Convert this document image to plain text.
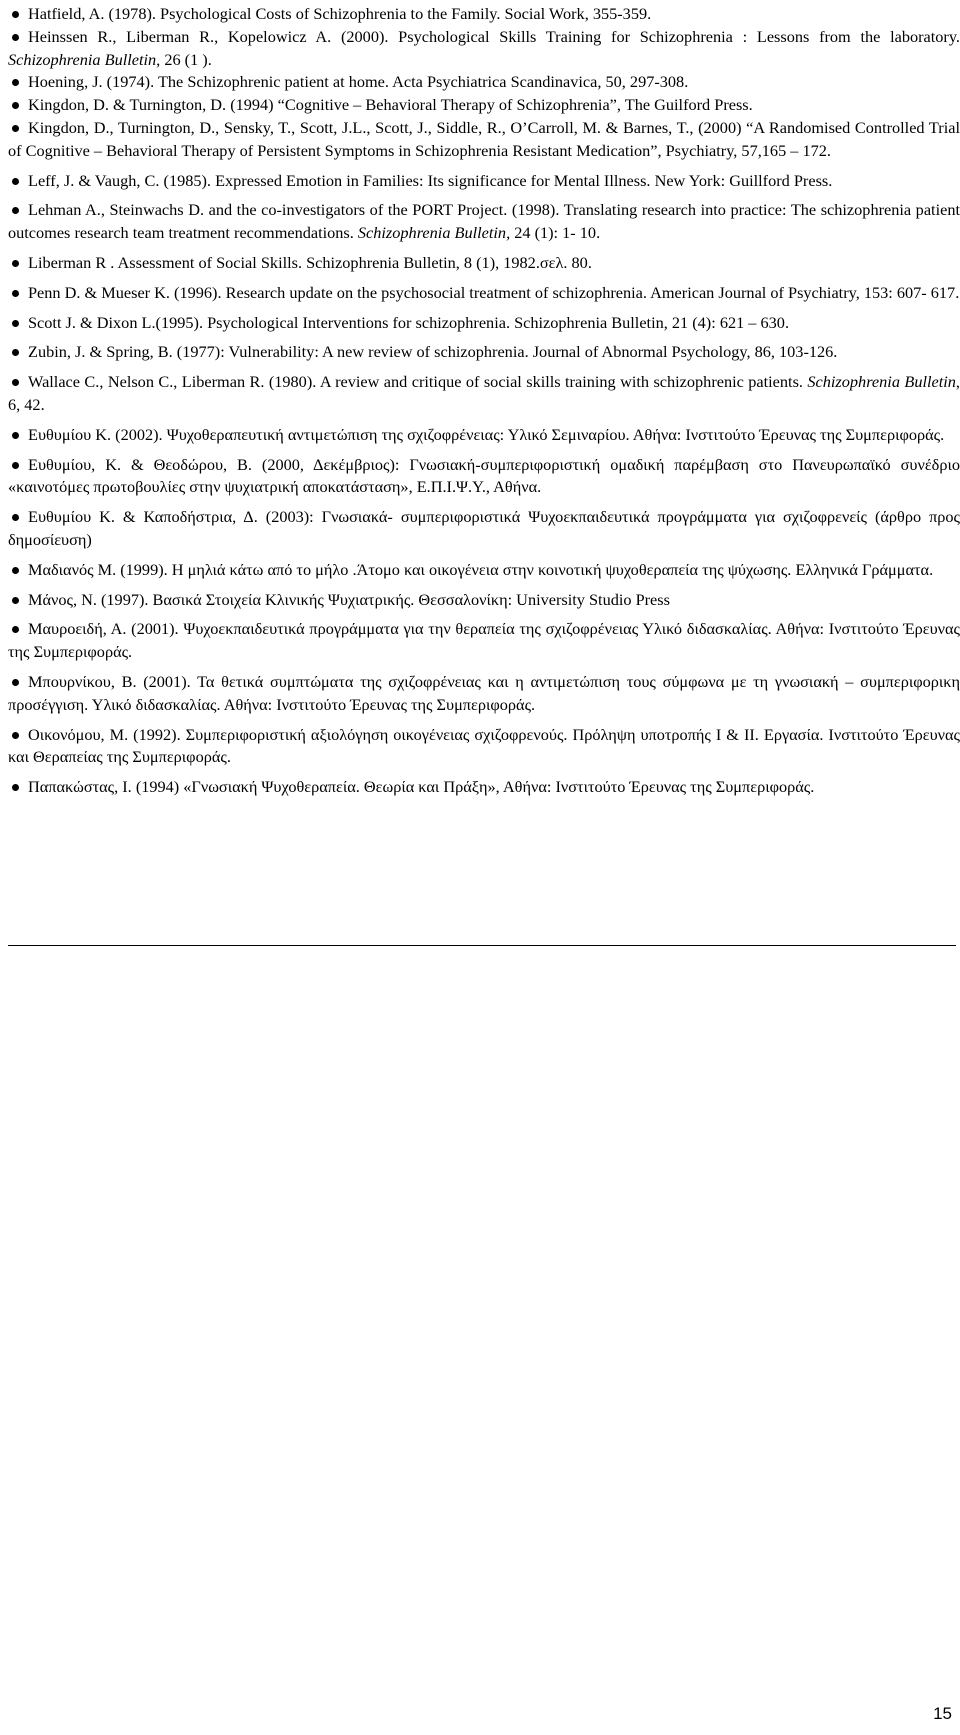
Hatfield, A. (1978). Psychological Costs of Schizophrenia to the Family. Social Work, 355-359.
Heinssen R., Liberman R., Kopelowicz A. (2000). Psychological Skills Training for Schizophrenia : Lessons from the laboratory. Schizophrenia Bulletin, 26 (1 ).
Hoening, J. (1974). The Schizophrenic patient at home. Acta Psychiatrica Scandinavica, 50, 297-308.
Kingdon, D. & Turnington, D. (1994) “Cognitive – Behavioral Therapy of Schizophrenia”, The Guilford Press.
Kingdon, D., Turnington, D., Sensky, T., Scott, J.L., Scott, J., Siddle, R., O’Carroll, M. & Barnes, T., (2000) “A Randomised Controlled Trial of Cognitive – Behavioral Therapy of Persistent Symptoms in Schizophrenia Resistant Medication”, Psychiatry, 57,165 – 172.
Leff, J. & Vaugh, C. (1985). Expressed Emotion in Families: Its significance for Mental Illness. New York: Guillford Press.
Lehman A., Steinwachs D. and the co-investigators of the PORT Project. (1998). Translating research into practice: The schizophrenia patient outcomes research team treatment recommendations. Schizophrenia Bulletin, 24 (1): 1- 10.
Liberman R . Assessment of Social Skills. Schizophrenia Bulletin, 8 (1), 1982.σελ. 80.
Penn D. & Mueser K. (1996). Research update on the psychosocial treatment of schizophrenia. American Journal of Psychiatry, 153: 607- 617.
Scott J. & Dixon L.(1995). Psychological Interventions for schizophrenia. Schizophrenia Bulletin, 21 (4): 621 – 630.
Zubin, J. & Spring, B. (1977): Vulnerability: A new review of schizophrenia. Journal of Abnormal Psychology, 86, 103-126.
Wallace C., Nelson C., Liberman R. (1980). A review and critique of social skills training with schizophrenic patients. Schizophrenia Bulletin, 6, 42.
Ευθυμίου Κ. (2002). Ψυχοθεραπευτική αντιμετώπιση της σχιζοφρένειας: Υλικό Σεμιναρίου. Αθήνα: Ινστιτούτο Έρευνας της Συμπεριφοράς.
Ευθυμίου, Κ. & Θεοδώρου, Β. (2000, Δεκέμβριος): Γνωσιακή-συμπεριφοριστική ομαδική παρέμβαση στο Πανευρωπαϊκό συνέδριο «καινοτόμες πρωτοβουλίες στην ψυχιατρική αποκατάσταση», Ε.Π.Ι.Ψ.Υ., Αθήνα.
Ευθυμίου Κ. & Καποδήστρια, Δ. (2003): Γνωσιακά- συμπεριφοριστικά Ψυχοεκπαιδευτικά προγράμματα για σχιζοφρενείς (άρθρο προς δημοσίευση)
Μαδιανός Μ. (1999). Η μηλιά κάτω από το μήλο .Άτομο και οικογένεια στην κοινοτική ψυχοθεραπεία της ψύχωσης. Ελληνικά Γράμματα.
Μάνος, Ν. (1997). Βασικά Στοιχεία Κλινικής Ψυχιατρικής. Θεσσαλονίκη: University Studio Press
Μαυροειδή, Α. (2001). Ψυχοεκπαιδευτικά προγράμματα για την θεραπεία της σχιζοφρένειας Υλικό διδασκαλίας. Αθήνα: Ινστιτούτο Έρευνας της Συμπεριφοράς.
Μπουρνίκου, Β. (2001). Τα θετικά συμπτώματα της σχιζοφρένειας και η αντιμετώπιση τους σύμφωνα με τη γνωσιακή – συμπεριφορικη προσέγγιση. Υλικό διδασκαλίας. Αθήνα: Ινστιτούτο Έρευνας της Συμπεριφοράς.
Οικονόμου, Μ. (1992). Συμπεριφοριστική αξιολόγηση οικογένειας σχιζοφρενούς. Πρόληψη υποτροπής Ι & ΙΙ. Εργασία. Ινστιτούτο Έρευνας και Θεραπείας της Συμπεριφοράς.
Παπακώστας, Ι. (1994) «Γνωσιακή Ψυχοθεραπεία. Θεωρία και Πράξη», Αθήνα: Ινστιτούτο Έρευνας της Συμπεριφοράς.
15
